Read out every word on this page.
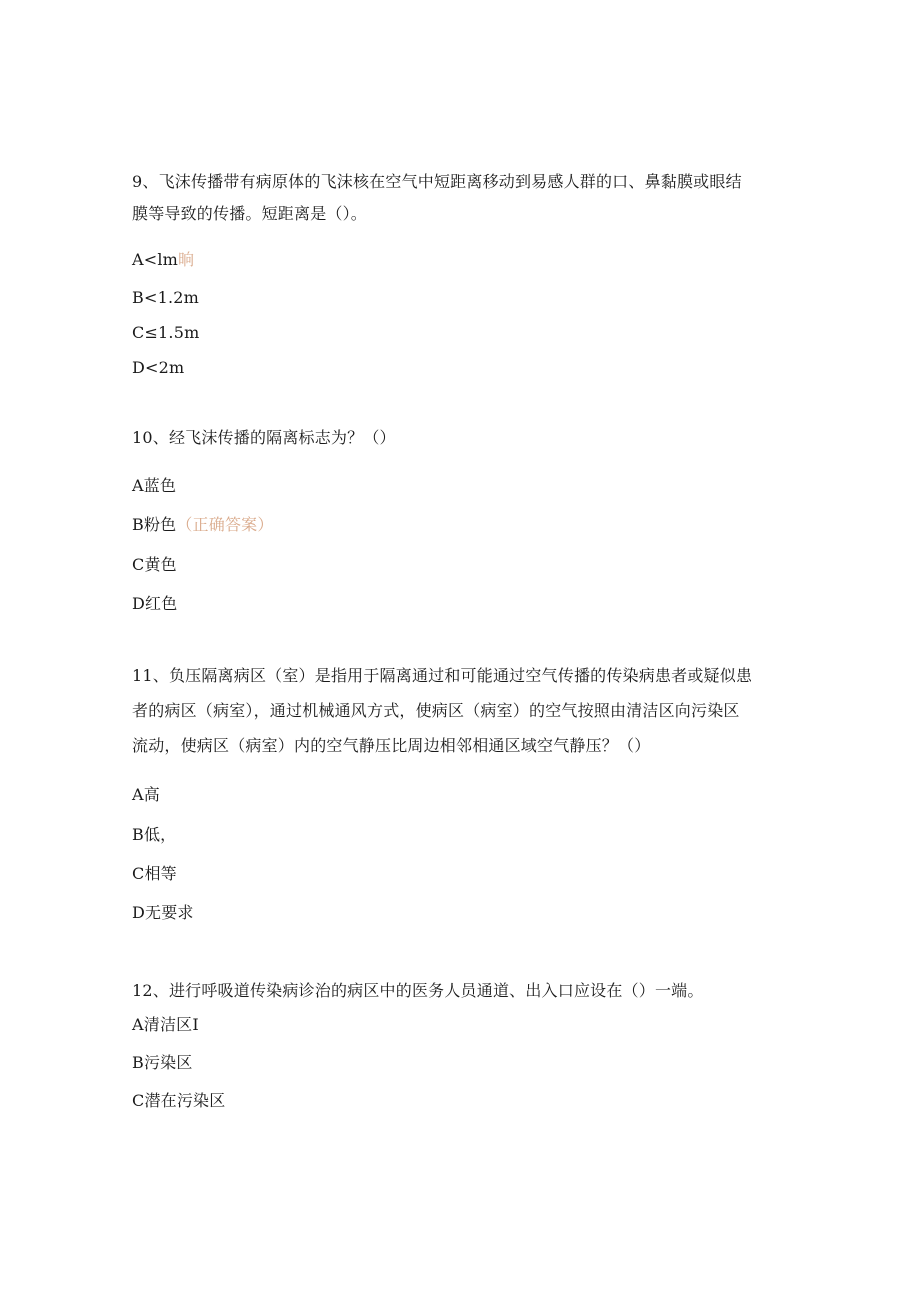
9、飞沫传播带有病原体的飞沫核在空气中短距离移动到易感人群的口、鼻黏膜或眼结
膜等导致的传播。短距离是（）。
A<lm晌
B<1.2m
C≤1.5m
D<2m
10、经飞沫传播的隔离标志为？（）
A蓝色
B粉色（正确答案）
C黄色
D红色
11、负压隔离病区（室）是指用于隔离通过和可能通过空气传播的传染病患者或疑似患
者的病区（病室），通过机械通风方式，使病区（病室）的空气按照由清洁区向污染区
流动，使病区（病室）内的空气静压比周边相邻相通区域空气静压？（）
A高
B低，
C相等
D无要求
12、进行呼吸道传染病诊治的病区中的医务人员通道、出入口应设在（）一端。
A清洁区I
B污染区
C潜在污染区
